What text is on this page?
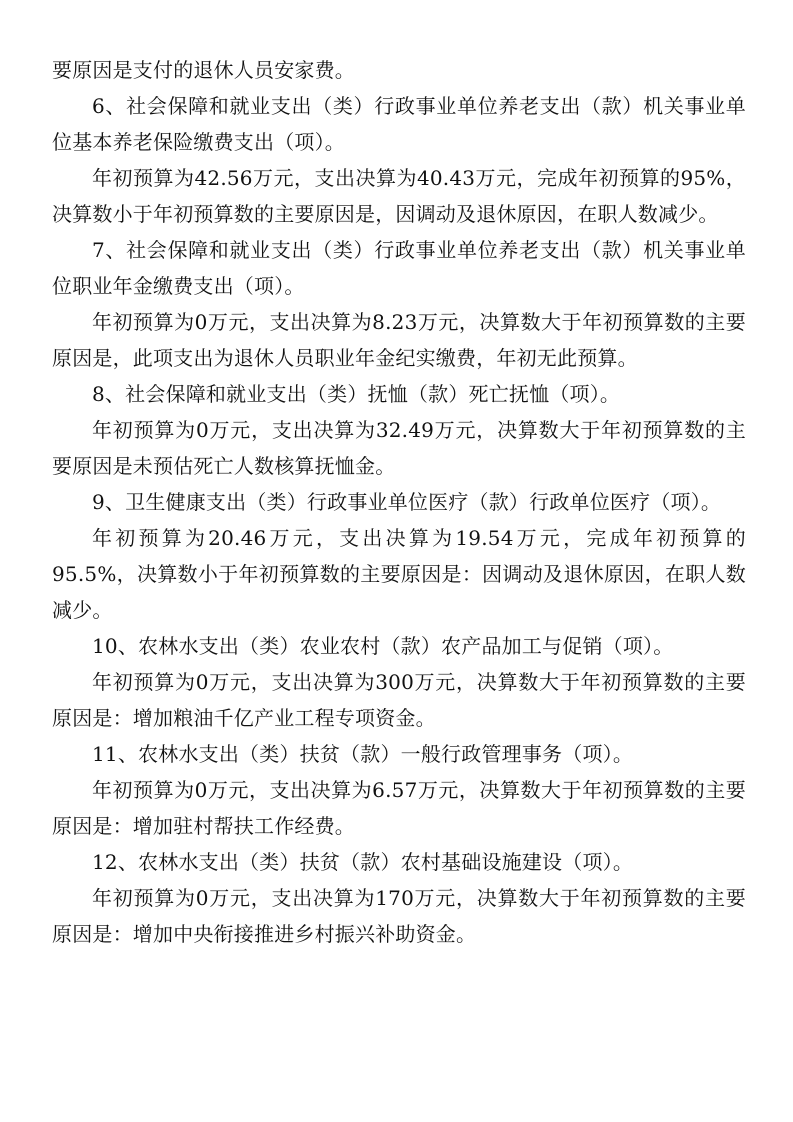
要原因是支付的退休人员安家费。

6、社会保障和就业支出（类）行政事业单位养老支出（款）机关事业单位基本养老保险缴费支出（项）。

年初预算为42.56万元，支出决算为40.43万元，完成年初预算的95%，决算数小于年初预算数的主要原因是，因调动及退休原因，在职人数减少。

7、社会保障和就业支出（类）行政事业单位养老支出（款）机关事业单位职业年金缴费支出（项）。

年初预算为0万元，支出决算为8.23万元，决算数大于年初预算数的主要原因是，此项支出为退休人员职业年金纪实缴费，年初无此预算。

8、社会保障和就业支出（类）抚恤（款）死亡抚恤（项）。

年初预算为0万元，支出决算为32.49万元，决算数大于年初预算数的主要原因是未预估死亡人数核算抚恤金。

9、卫生健康支出（类）行政事业单位医疗（款）行政单位医疗（项）。

年初预算为20.46万元，支出决算为19.54万元，完成年初预算的95.5%，决算数小于年初预算数的主要原因是：因调动及退休原因，在职人数减少。

10、农林水支出（类）农业农村（款）农产品加工与促销（项）。

年初预算为0万元，支出决算为300万元，决算数大于年初预算数的主要原因是：增加粮油千亿产业工程专项资金。

11、农林水支出（类）扶贫（款）一般行政管理事务（项）。

年初预算为0万元，支出决算为6.57万元，决算数大于年初预算数的主要原因是：增加驻村帮扶工作经费。

12、农林水支出（类）扶贫（款）农村基础设施建设（项）。

年初预算为0万元，支出决算为170万元，决算数大于年初预算数的主要原因是：增加中央衔接推进乡村振兴补助资金。
